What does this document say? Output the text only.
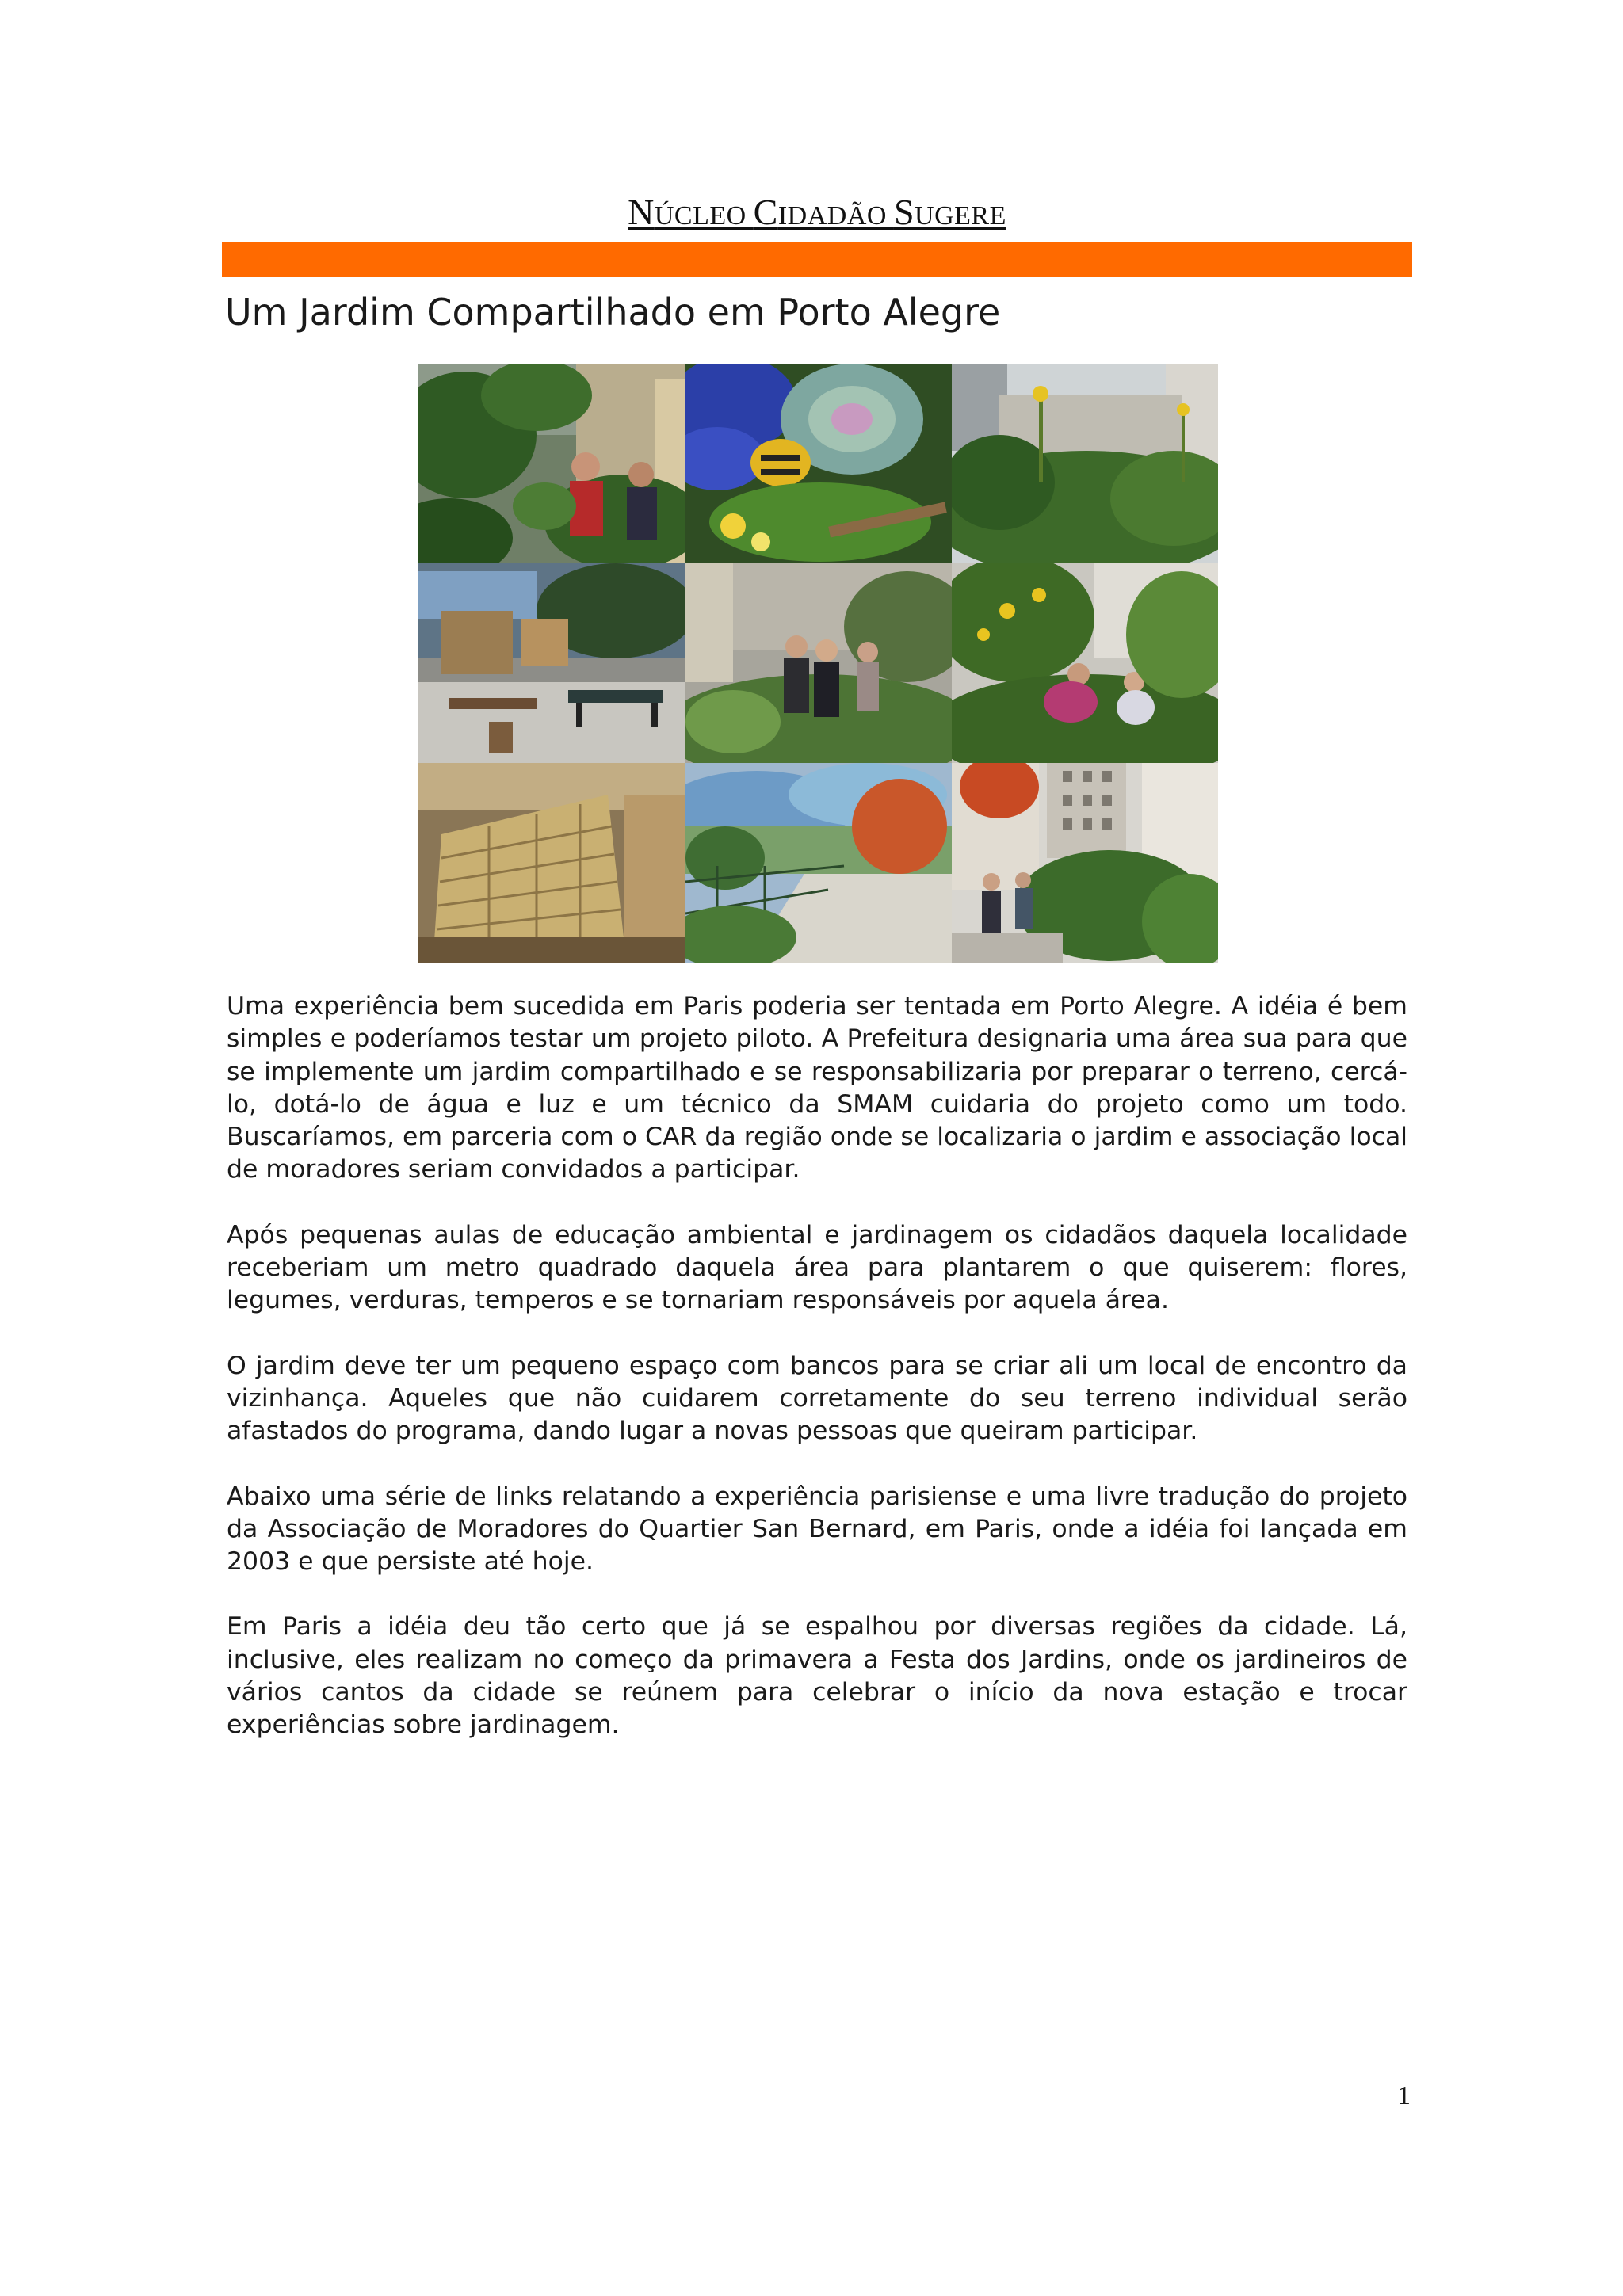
NÚCLEO CIDADÃO SUGERE
Um Jardim Compartilhado em Porto Alegre

Uma experiência bem sucedida em Paris poderia ser tentada em Porto Alegre. A idéia é bem simples e poderíamos testar um projeto piloto. A Prefeitura designaria uma área sua para que se implemente um jardim compartilhado e se responsabilizaria por preparar o terreno, cercá-lo, dotá-lo de água e luz e um técnico da SMAM cuidaria do projeto como um todo. Buscaríamos, em parceria com o CAR da região onde se localizaria o jardim e associação local de moradores seriam convidados a participar.

Após pequenas aulas de educação ambiental e jardinagem os cidadãos daquela localidade receberiam um metro quadrado daquela área para plantarem o que quiserem: flores, legumes, verduras, temperos e se tornariam responsáveis por aquela área.

O jardim deve ter um pequeno espaço com bancos para se criar ali um local de encontro da vizinhança. Aqueles que não cuidarem corretamente do seu terreno individual serão afastados do programa, dando lugar a novas pessoas que queiram participar.

Abaixo uma série de links relatando a experiência parisiense e uma livre tradução do projeto da Associação de Moradores do Quartier San Bernard, em Paris, onde a idéia foi lançada em 2003 e que persiste até hoje.

Em Paris a idéia deu tão certo que já se espalhou por diversas regiões da cidade. Lá, inclusive, eles realizam no começo da primavera a Festa dos Jardins, onde os jardineiros de vários cantos da cidade se reúnem para celebrar o início da nova estação e trocar experiências sobre jardinagem.

1
